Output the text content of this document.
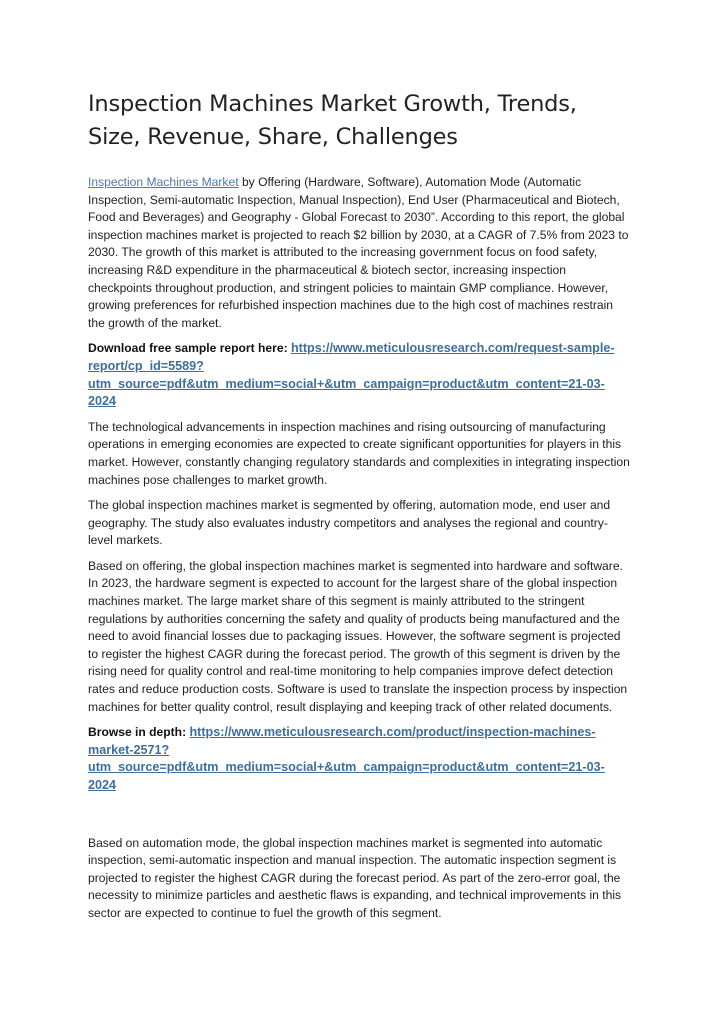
Inspection Machines Market Growth, Trends, Size, Revenue, Share, Challenges

Inspection Machines Market by Offering (Hardware, Software), Automation Mode (Automatic Inspection, Semi-automatic Inspection, Manual Inspection), End User (Pharmaceutical and Biotech, Food and Beverages) and Geography - Global Forecast to 2030”. According to this report, the global inspection machines market is projected to reach $2 billion by 2030, at a CAGR of 7.5% from 2023 to 2030. The growth of this market is attributed to the increasing government focus on food safety, increasing R&D expenditure in the pharmaceutical & biotech sector, increasing inspection checkpoints throughout production, and stringent policies to maintain GMP compliance. However, growing preferences for refurbished inspection machines due to the high cost of machines restrain the growth of the market.

Download free sample report here: https://www.meticulousresearch.com/request-sample-report/cp_id=5589?utm_source=pdf&utm_medium=social+&utm_campaign=product&utm_content=21-03-2024

The technological advancements in inspection machines and rising outsourcing of manufacturing operations in emerging economies are expected to create significant opportunities for players in this market. However, constantly changing regulatory standards and complexities in integrating inspection machines pose challenges to market growth.

The global inspection machines market is segmented by offering, automation mode, end user and geography. The study also evaluates industry competitors and analyses the regional and country-level markets.

Based on offering, the global inspection machines market is segmented into hardware and software. In 2023, the hardware segment is expected to account for the largest share of the global inspection machines market. The large market share of this segment is mainly attributed to the stringent regulations by authorities concerning the safety and quality of products being manufactured and the need to avoid financial losses due to packaging issues. However, the software segment is projected to register the highest CAGR during the forecast period. The growth of this segment is driven by the rising need for quality control and real-time monitoring to help companies improve defect detection rates and reduce production costs. Software is used to translate the inspection process by inspection machines for better quality control, result displaying and keeping track of other related documents.

Browse in depth: https://www.meticulousresearch.com/product/inspection-machines-market-2571?utm_source=pdf&utm_medium=social+&utm_campaign=product&utm_content=21-03-2024

Based on automation mode, the global inspection machines market is segmented into automatic inspection, semi-automatic inspection and manual inspection. The automatic inspection segment is projected to register the highest CAGR during the forecast period. As part of the zero-error goal, the necessity to minimize particles and aesthetic flaws is expanding, and technical improvements in this sector are expected to continue to fuel the growth of this segment.
